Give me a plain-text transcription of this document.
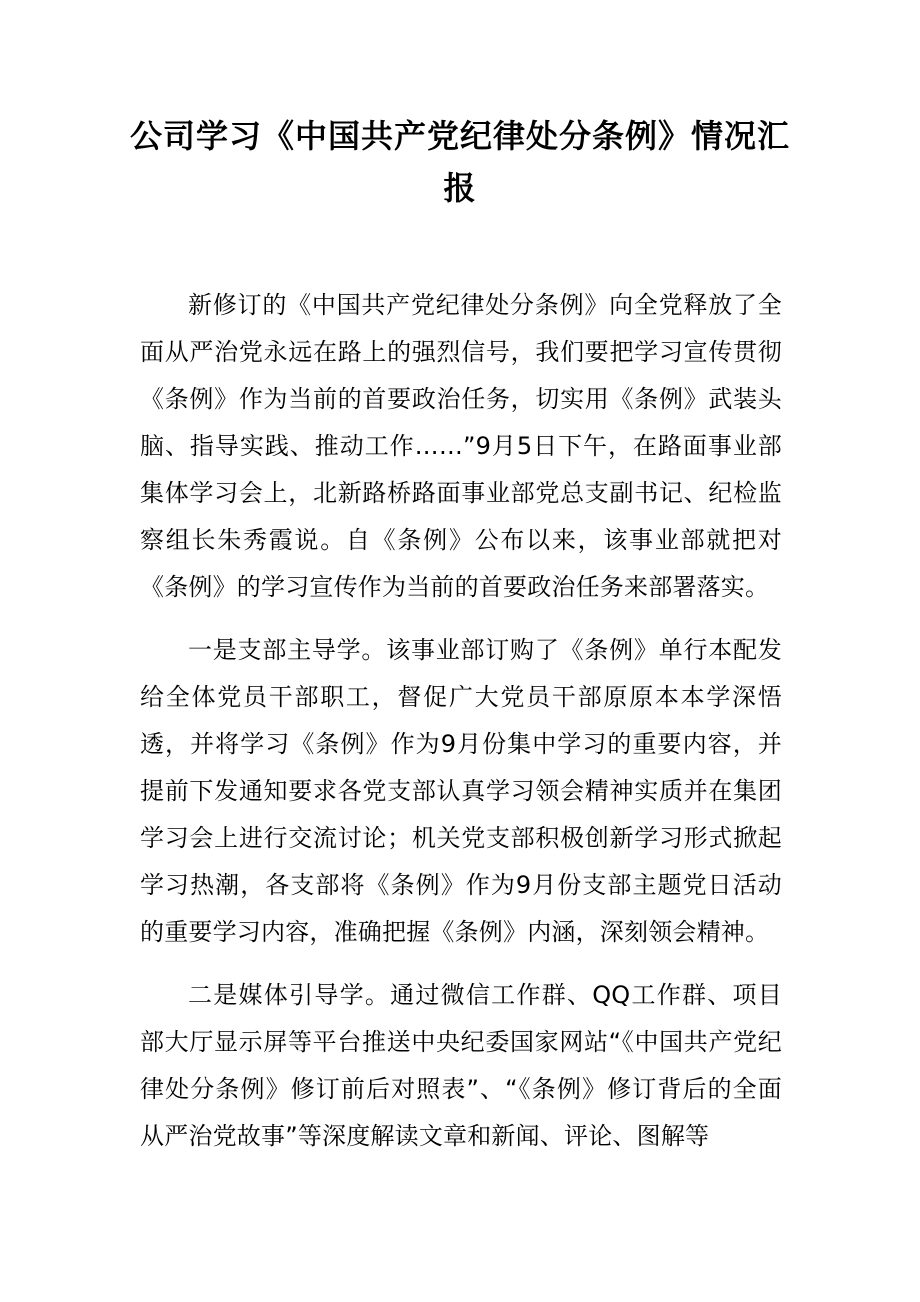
公司学习《中国共产党纪律处分条例》情况汇报

新修订的《中国共产党纪律处分条例》向全党释放了全面从严治党永远在路上的强烈信号，我们要把学习宣传贯彻《条例》作为当前的首要政治任务，切实用《条例》武装头脑、指导实践、推动工作……”9月5日下午，在路面事业部集体学习会上，北新路桥路面事业部党总支副书记、纪检监察组长朱秀霞说。自《条例》公布以来，该事业部就把对《条例》的学习宣传作为当前的首要政治任务来部署落实。

一是支部主导学。该事业部订购了《条例》单行本配发给全体党员干部职工，督促广大党员干部原原本本学深悟透，并将学习《条例》作为9月份集中学习的重要内容，并提前下发通知要求各党支部认真学习领会精神实质并在集团学习会上进行交流讨论；机关党支部积极创新学习形式掀起学习热潮，各支部将《条例》作为9月份支部主题党日活动的重要学习内容，准确把握《条例》内涵，深刻领会精神。

二是媒体引导学。通过微信工作群、QQ工作群、项目部大厅显示屏等平台推送中央纪委国家网站“《中国共产党纪律处分条例》修订前后对照表”、“《条例》修订背后的全面从严治党故事”等深度解读文章和新闻、评论、图解等
